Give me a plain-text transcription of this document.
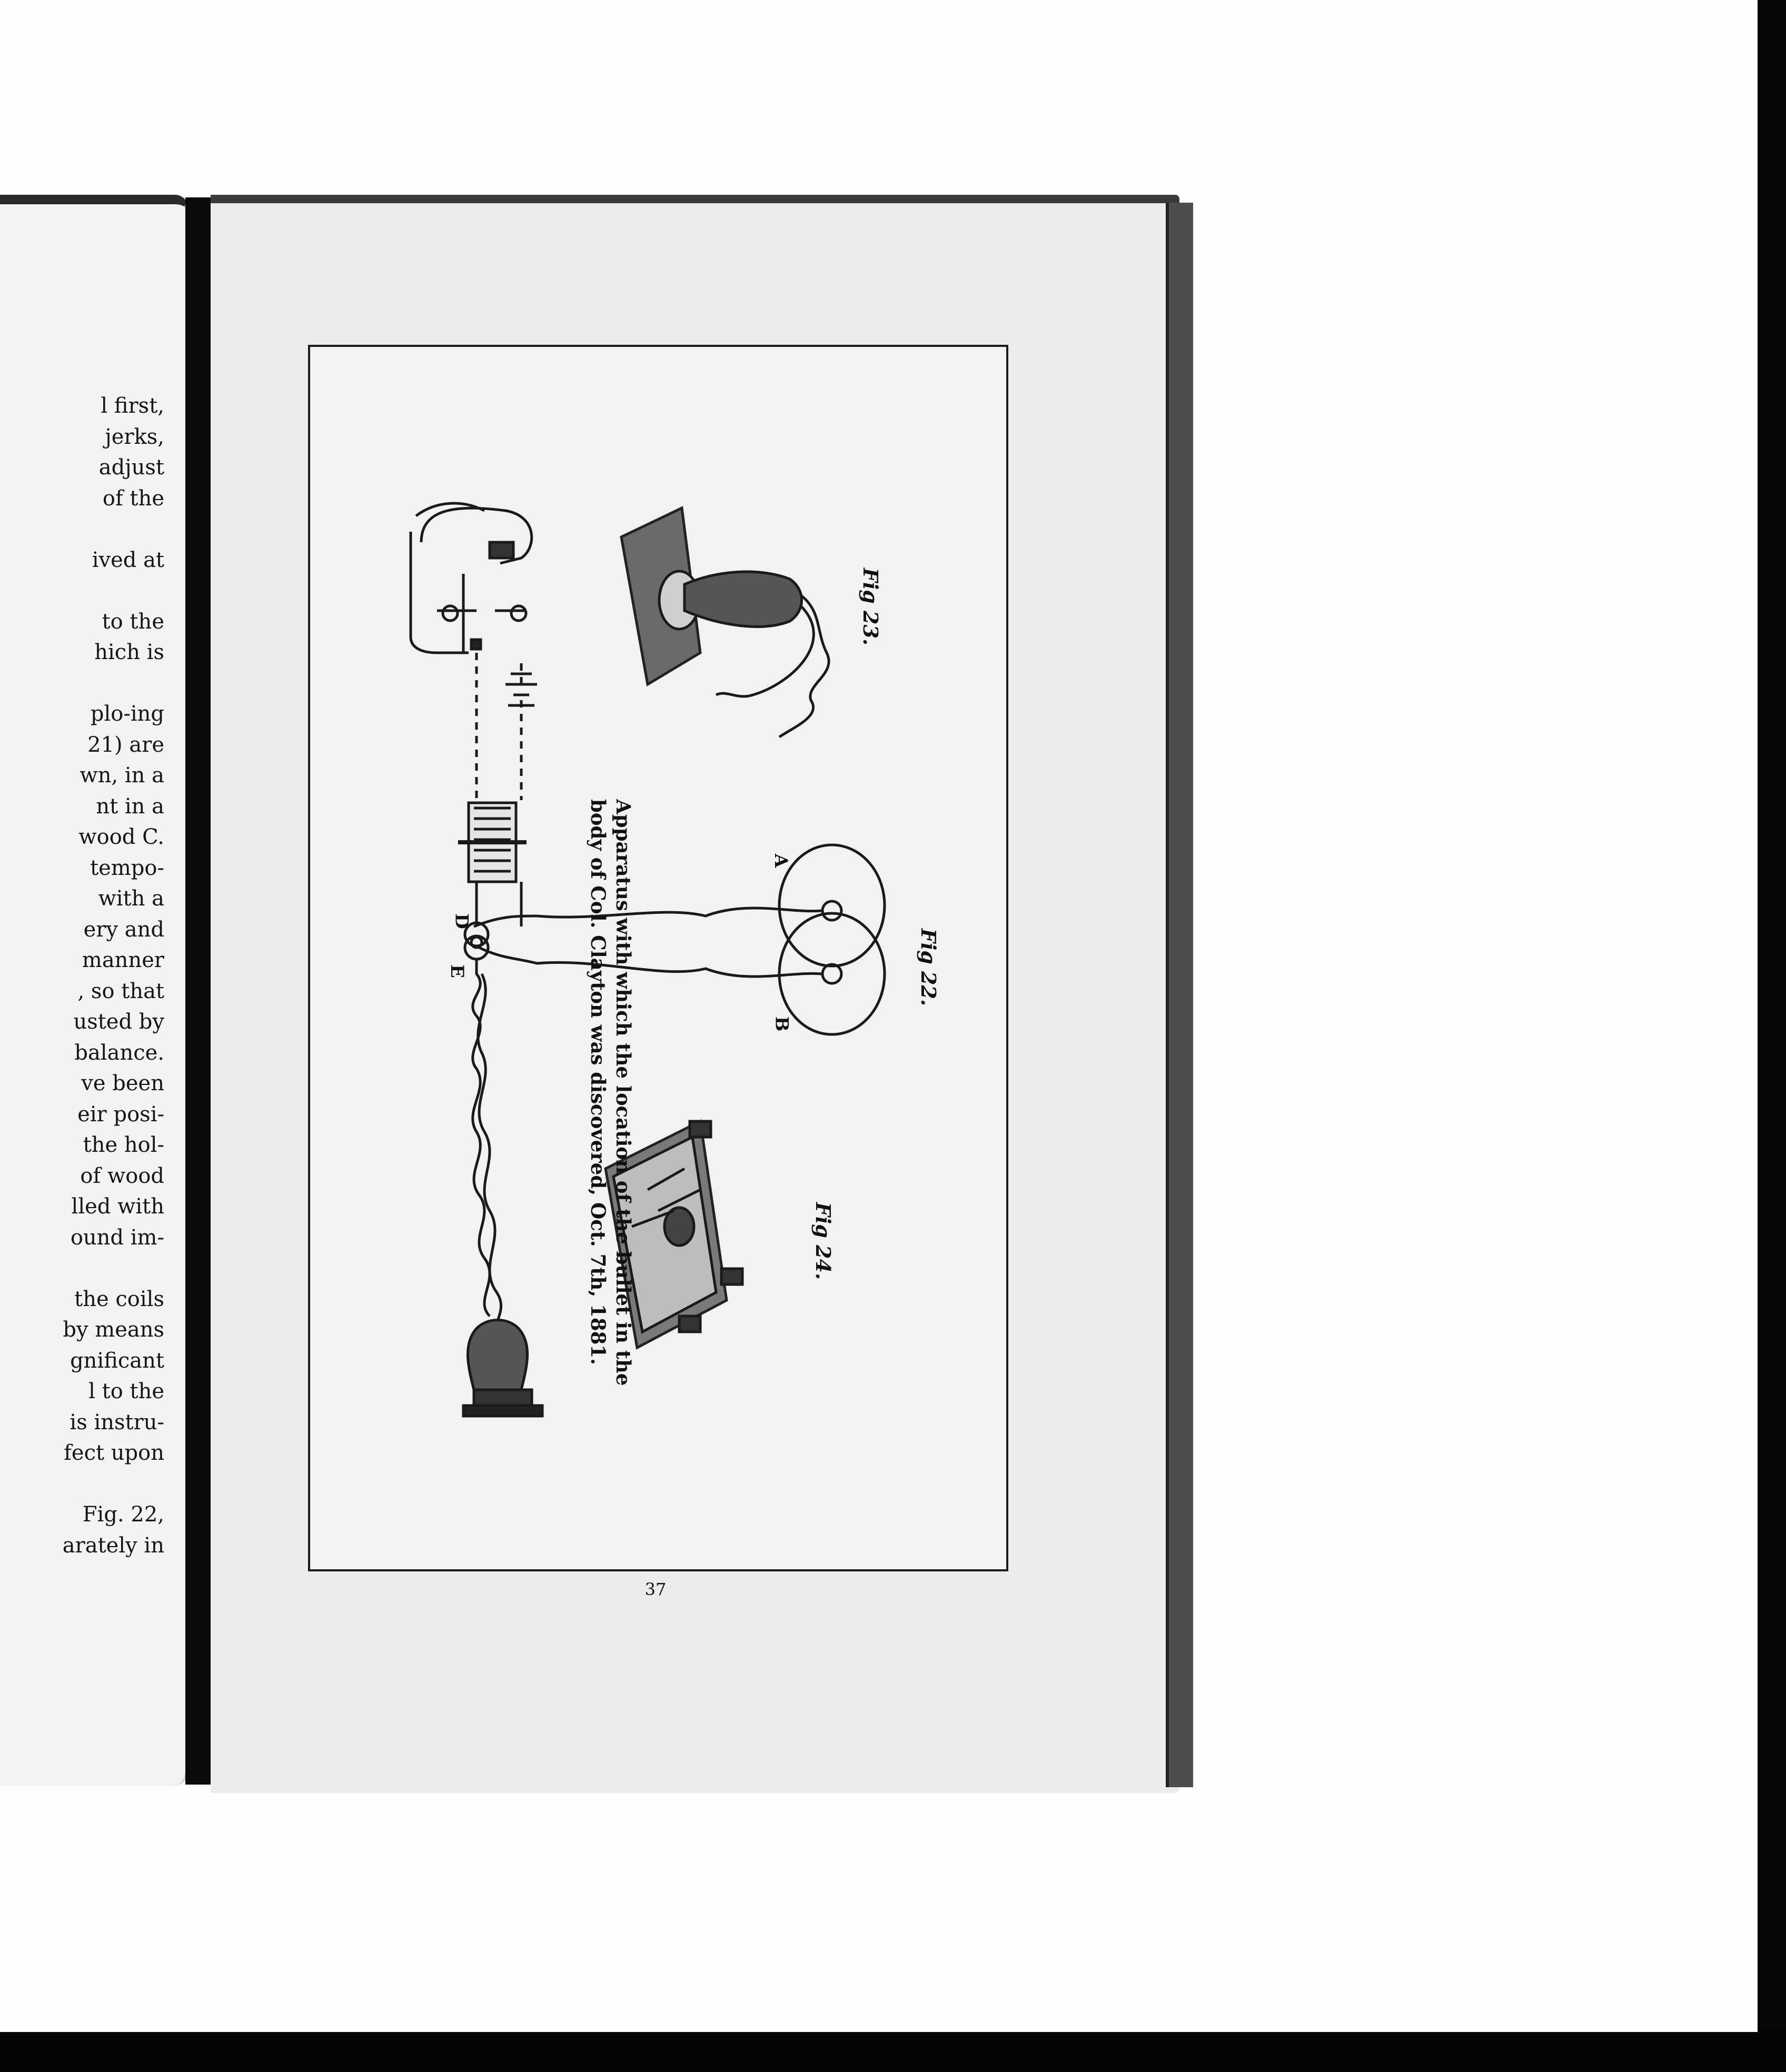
l first,
jerks,
adjust
of the
ived at
to the
hich is
plo-ing
21) are
wn, in a
nt in a
wood C.
tempo-
with a
ery and
manner
, so that
usted by
balance.
ve been
eir posi-
the hol-
of wood
lled with
ound im-
the coils
by means
gnificant
l to the
is instru-
fect upon
Fig. 22,
arately in
Fig 23.
Fig 22.
Fig 24.
A
B
D
E	Apparatus with which the location of the bullet in the
body of Col. Clayton was discovered, Oct. 7th, 1881.
37
